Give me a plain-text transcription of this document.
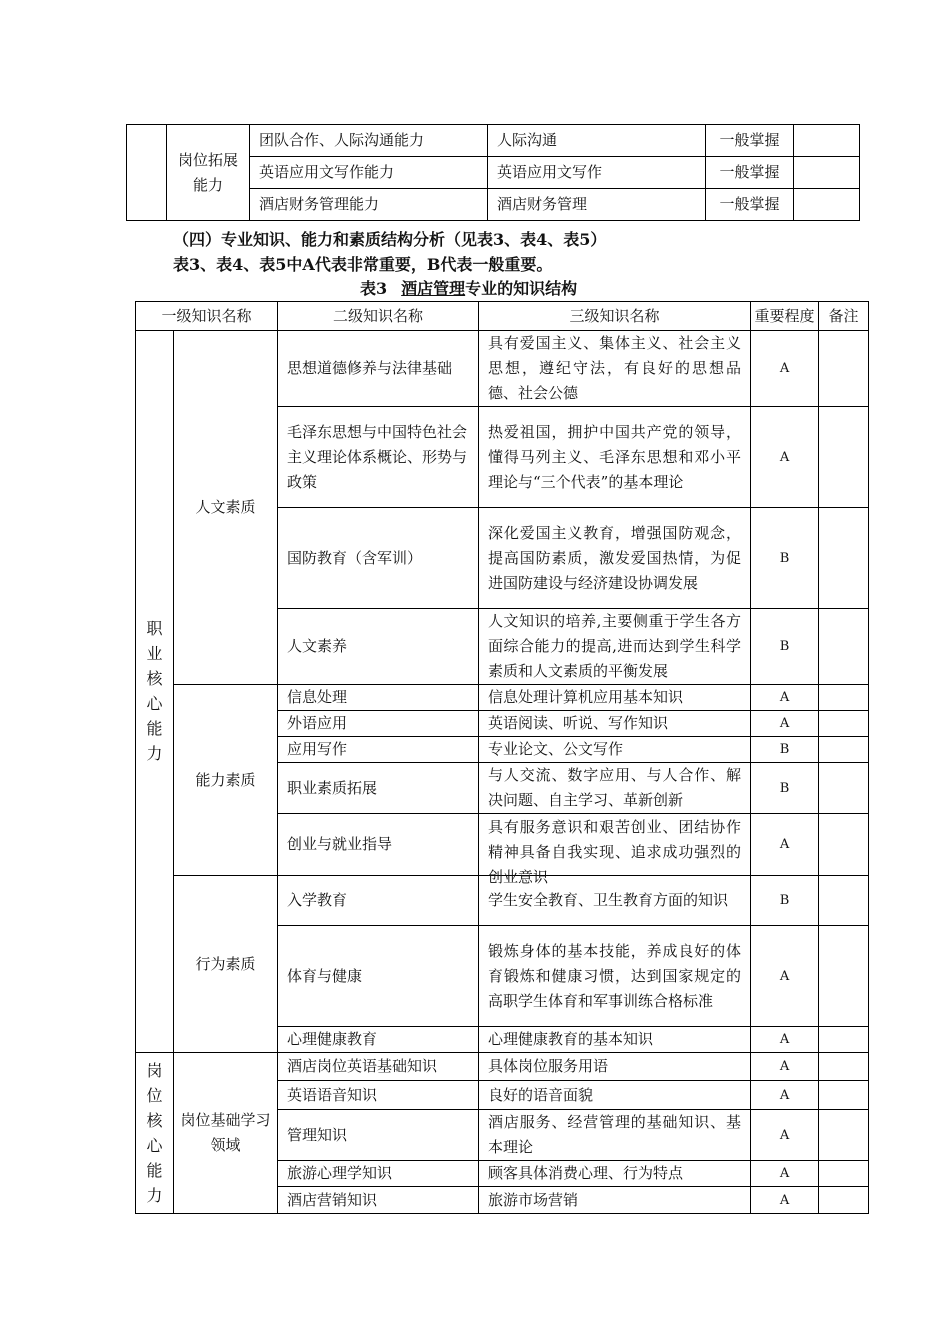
	岗位拓展能力	团队合作、人际沟通能力	人际沟通	一般掌握	
		英语应用文写作能力	英语应用文写作	一般掌握	
		酒店财务管理能力	酒店财务管理	一般掌握	

（四）专业知识、能力和素质结构分析（见表3、表4、表5）

表3、表4、表5中A代表非常重要，B代表一般重要。

表3 酒店管理专业的知识结构
一级知识名称		二级知识名称	三级知识名称	重要程度	备注
职业核心能力	人文素质	思想道德修养与法律基础	具有爱国主义、集体主义、社会主义思想，遵纪守法，有良好的思想品德、社会公德	A	
		毛泽东思想与中国特色社会主义理论体系概论、形势与政策	热爱祖国，拥护中国共产党的领导，懂得马列主义、毛泽东思想和邓小平理论与“三个代表”的基本理论	A	
		国防教育（含军训）	深化爱国主义教育，增强国防观念，提高国防素质，激发爱国热情，为促进国防建设与经济建设协调发展	B	
		人文素养	人文知识的培养,主要侧重于学生各方面综合能力的提高,进而达到学生科学素质和人文素质的平衡发展	B	
	能力素质	信息处理	信息处理计算机应用基本知识	A	
		外语应用	英语阅读、听说、写作知识	A	
		应用写作	专业论文、公文写作	B	
		职业素质拓展	与人交流、数字应用、与人合作、解决问题、自主学习、革新创新	B	
		创业与就业指导	具有服务意识和艰苦创业、团结协作精神具备自我实现、追求成功强烈的创业意识	A	
	行为素质	入学教育	学生安全教育、卫生教育方面的知识	B	
		体育与健康	锻炼身体的基本技能，养成良好的体育锻炼和健康习惯，达到国家规定的高职学生体育和军事训练合格标准	A	
		心理健康教育	心理健康教育的基本知识	A	
岗位核心能力	岗位基础学习领域	酒店岗位英语基础知识	具体岗位服务用语	A	
		英语语音知识	良好的语音面貌	A	
		管理知识	酒店服务、经营管理的基础知识、基本理论	A	
		旅游心理学知识	顾客具体消费心理、行为特点	A	
		酒店营销知识	旅游市场营销	A	
